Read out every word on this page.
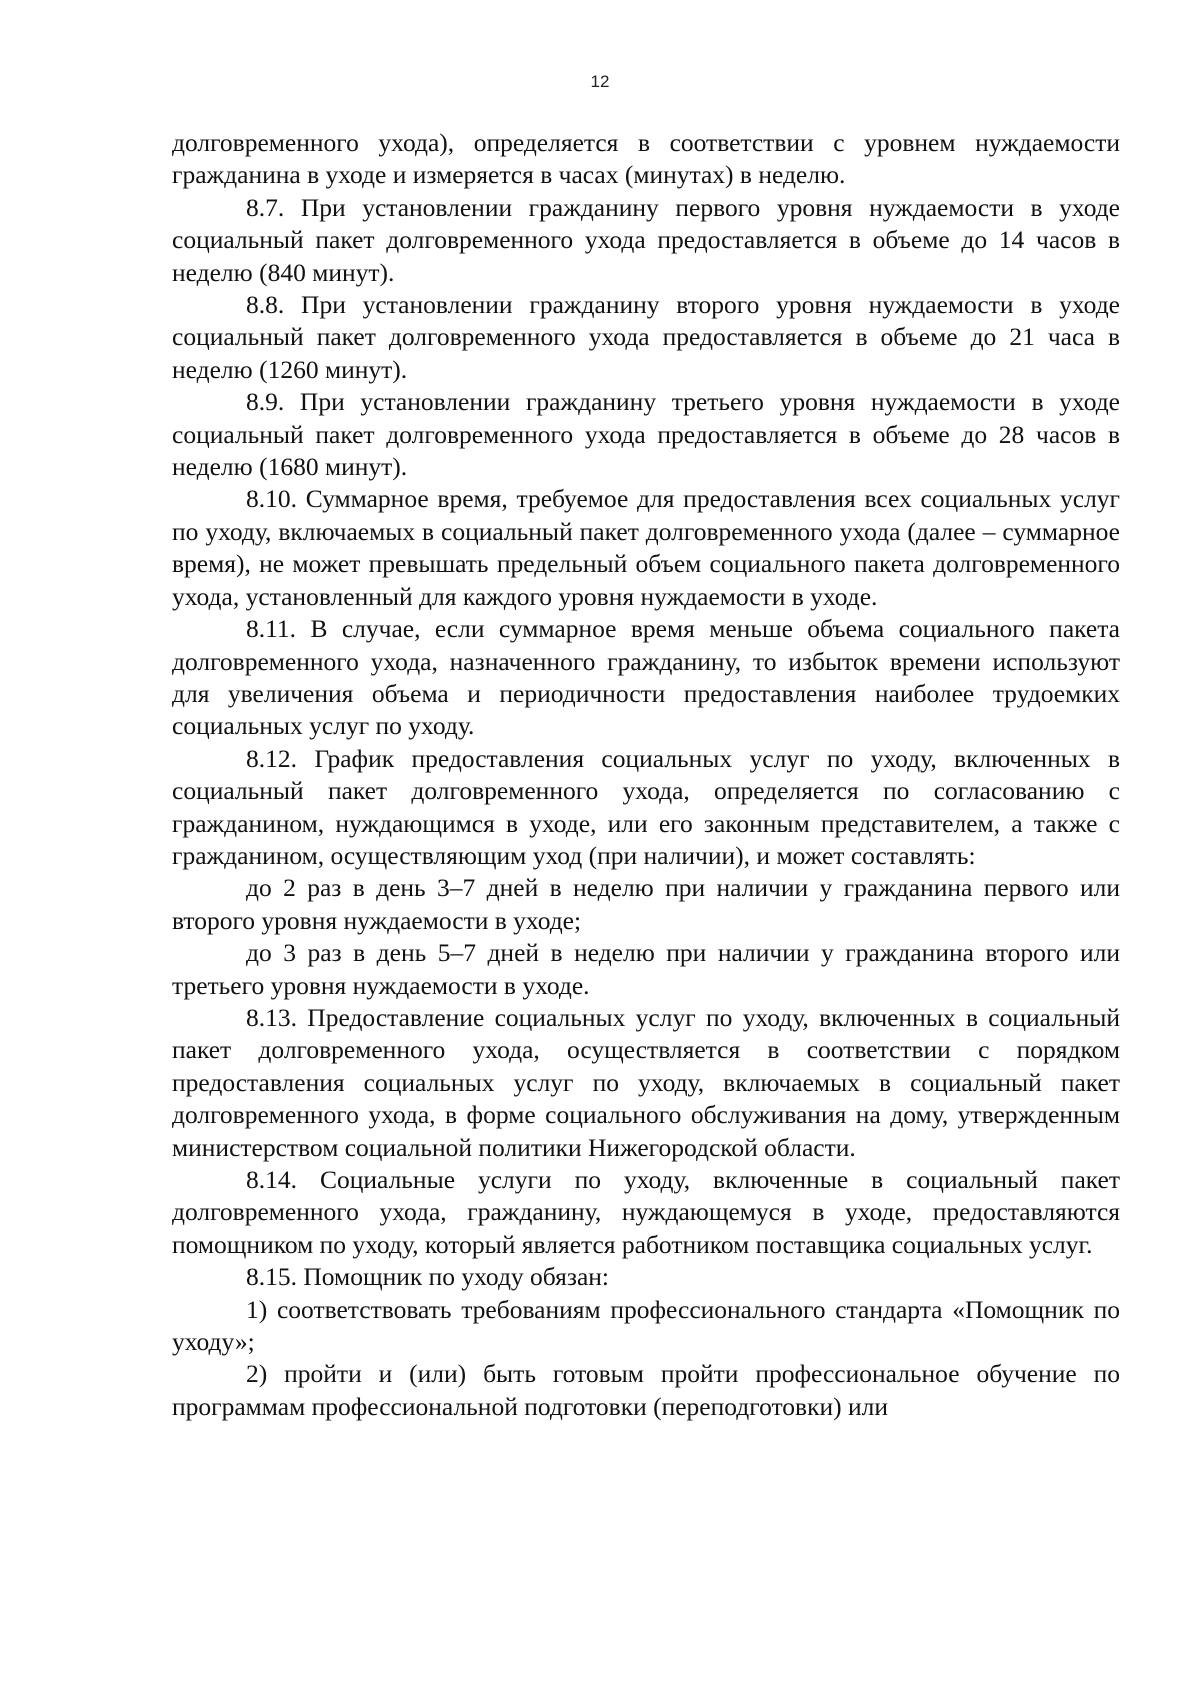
12

долговременного ухода), определяется в соответствии с уровнем нуждаемости гражданина в уходе и измеряется в часах (минутах) в неделю.

8.7. При установлении гражданину первого уровня нуждаемости в уходе социальный пакет долговременного ухода предоставляется в объеме до 14 часов в неделю (840 минут).

8.8. При установлении гражданину второго уровня нуждаемости в уходе социальный пакет долговременного ухода предоставляется в объеме до 21 часа в неделю (1260 минут).

8.9. При установлении гражданину третьего уровня нуждаемости в уходе социальный пакет долговременного ухода предоставляется в объеме до 28 часов в неделю (1680 минут).

8.10. Суммарное время, требуемое для предоставления всех социальных услуг по уходу, включаемых в социальный пакет долговременного ухода (далее – суммарное время), не может превышать предельный объем социального пакета долговременного ухода, установленный для каждого уровня нуждаемости в уходе.

8.11. В случае, если суммарное время меньше объема социального пакета долговременного ухода, назначенного гражданину, то избыток времени используют для увеличения объема и периодичности предоставления наиболее трудоемких социальных услуг по уходу.

8.12. График предоставления социальных услуг по уходу, включенных в социальный пакет долговременного ухода, определяется по согласованию с гражданином, нуждающимся в уходе, или его законным представителем, а также с гражданином, осуществляющим уход (при наличии), и может составлять:

до 2 раз в день 3–7 дней в неделю при наличии у гражданина первого или второго уровня нуждаемости в уходе;

до 3 раз в день 5–7 дней в неделю при наличии у гражданина второго или третьего уровня нуждаемости в уходе.

8.13. Предоставление социальных услуг по уходу, включенных в социальный пакет долговременного ухода, осуществляется в соответствии с порядком предоставления социальных услуг по уходу, включаемых в социальный пакет долговременного ухода, в форме социального обслуживания на дому, утвержденным министерством социальной политики Нижегородской области.

8.14. Социальные услуги по уходу, включенные в социальный пакет долговременного ухода, гражданину, нуждающемуся в уходе, предоставляются помощником по уходу, который является работником поставщика социальных услуг.

8.15. Помощник по уходу обязан:

1) соответствовать требованиям профессионального стандарта «Помощник по уходу»;

2) пройти и (или) быть готовым пройти профессиональное обучение по программам профессиональной подготовки (переподготовки) или
